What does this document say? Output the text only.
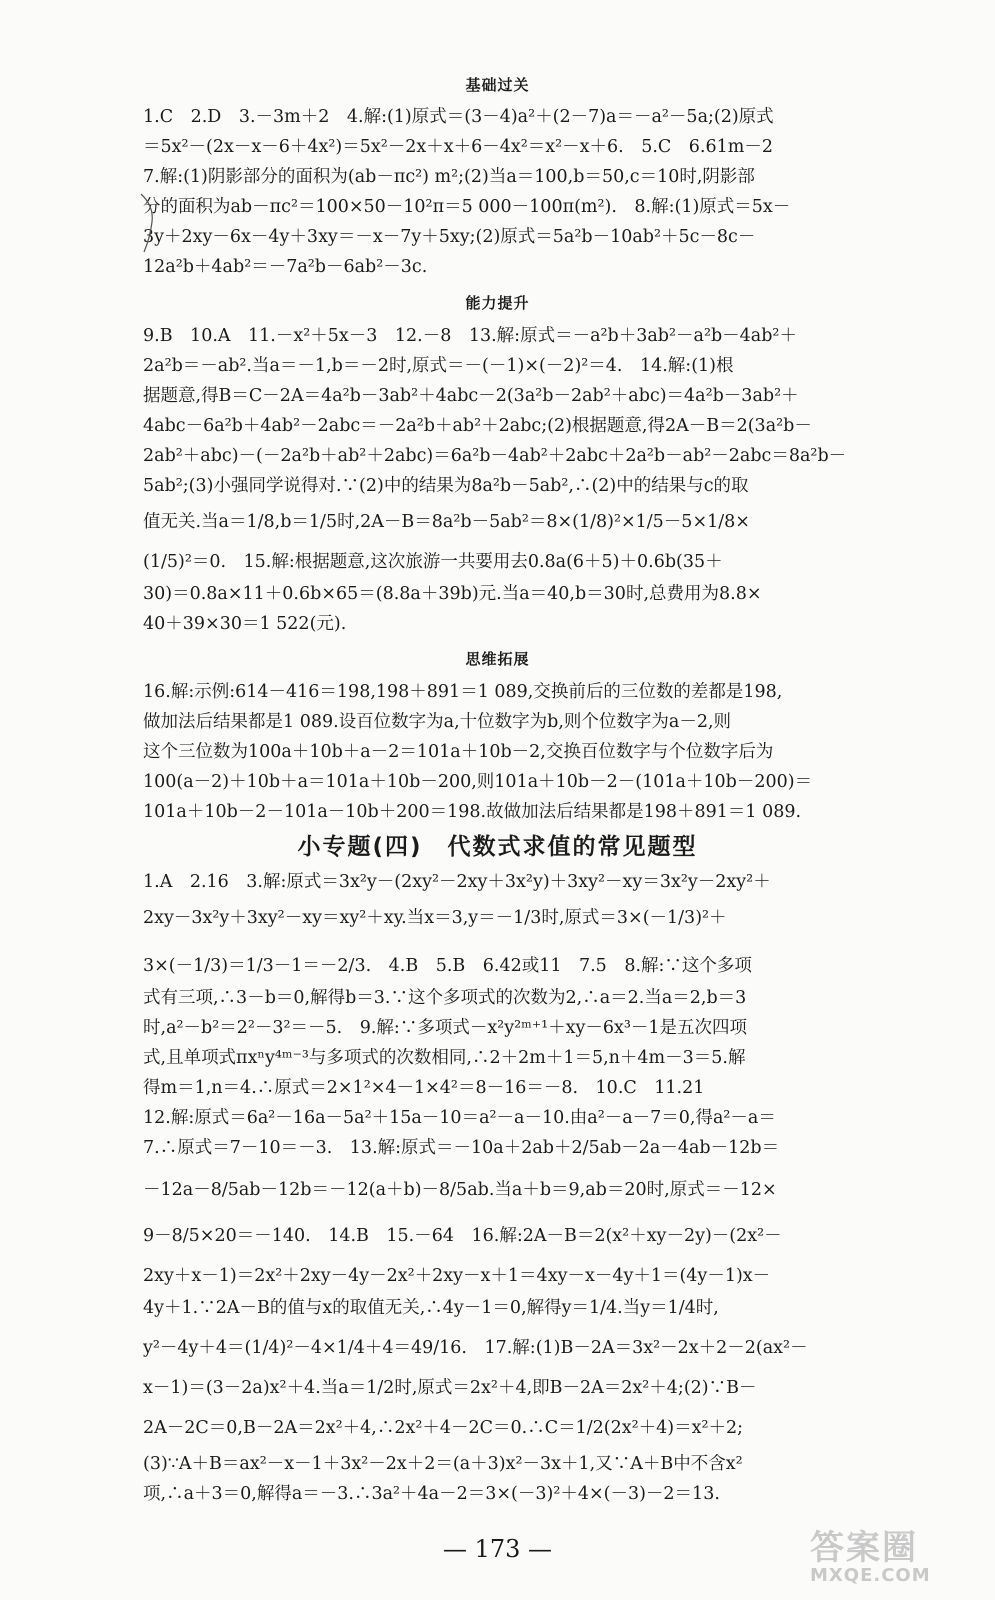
基础过关
1.C　2.D　3.－3m＋2　4.解:(1)原式＝(3－4)a²＋(2－7)a＝－a²－5a;(2)原式
＝5x²－(2x－x－6＋4x²)＝5x²－2x＋x＋6－4x²＝x²－x＋6.　5.C　6.61m－2
7.解:(1)阴影部分的面积为(ab－πc²) m²;(2)当a＝100,b＝50,c＝10时,阴影部
分的面积为ab－πc²＝100×50－10²π＝5 000－100π(m²).　8.解:(1)原式＝5x－
3y＋2xy－6x－4y＋3xy＝－x－7y＋5xy;(2)原式＝5a²b－10ab²＋5c－8c－
12a²b＋4ab²＝－7a²b－6ab²－3c.
能力提升
9.B　10.A　11.－x²＋5x－3　12.－8　13.解:原式＝－a²b＋3ab²－a²b－4ab²＋
2a²b＝－ab².当a＝－1,b＝－2时,原式＝－(－1)×(－2)²＝4.　14.解:(1)根
据题意,得B＝C－2A＝4a²b－3ab²＋4abc－2(3a²b－2ab²＋abc)＝4a²b－3ab²＋
4abc－6a²b＋4ab²－2abc＝－2a²b＋ab²＋2abc;(2)根据题意,得2A－B＝2(3a²b－
2ab²＋abc)－(－2a²b＋ab²＋2abc)＝6a²b－4ab²＋2abc＋2a²b－ab²－2abc＝8a²b－
5ab²;(3)小强同学说得对.∵(2)中的结果为8a²b－5ab²,∴(2)中的结果与c的取
值无关.当a＝1/8,b＝1/5时,2A－B＝8a²b－5ab²＝8×(1/8)²×1/5－5×1/8×
(1/5)²＝0.　15.解:根据题意,这次旅游一共要用去0.8a(6＋5)＋0.6b(35＋
30)＝0.8a×11＋0.6b×65＝(8.8a＋39b)元.当a＝40,b＝30时,总费用为8.8×
40＋39×30＝1 522(元).
思维拓展
16.解:示例:614－416＝198,198＋891＝1 089,交换前后的三位数的差都是198,
做加法后结果都是1 089.设百位数字为a,十位数字为b,则个位数字为a－2,则
这个三位数为100a＋10b＋a－2＝101a＋10b－2,交换百位数字与个位数字后为
100(a－2)＋10b＋a＝101a＋10b－200,则101a＋10b－2－(101a＋10b－200)＝
101a＋10b－2－101a－10b＋200＝198.故做加法后结果都是198＋891＝1 089.
小专题(四)　代数式求值的常见题型
1.A　2.16　3.解:原式＝3x²y－(2xy²－2xy＋3x²y)＋3xy²－xy＝3x²y－2xy²＋
2xy－3x²y＋3xy²－xy＝xy²＋xy.当x＝3,y＝－1/3时,原式＝3×(－1/3)²＋
3×(－1/3)＝1/3－1＝－2/3.　4.B　5.B　6.42或11　7.5　8.解:∵这个多项
式有三项,∴3－b＝0,解得b＝3.∵这个多项式的次数为2,∴a＝2.当a＝2,b＝3
时,a²－b²＝2²－3²＝－5.　9.解:∵多项式－x²y²ᵐ⁺¹＋xy－6x³－1是五次四项
式,且单项式πxⁿy⁴ᵐ⁻³与多项式的次数相同,∴2＋2m＋1＝5,n＋4m－3＝5.解
得m＝1,n＝4.∴原式＝2×1²×4－1×4²＝8－16＝－8.　10.C　11.21
12.解:原式＝6a²－16a－5a²＋15a－10＝a²－a－10.由a²－a－7＝0,得a²－a＝
7.∴原式＝7－10＝－3.　13.解:原式＝－10a＋2ab＋2/5ab－2a－4ab－12b＝
－12a－8/5ab－12b＝－12(a＋b)－8/5ab.当a＋b＝9,ab＝20时,原式＝－12×
9－8/5×20＝－140.　14.B　15.－64　16.解:2A－B＝2(x²＋xy－2y)－(2x²－
2xy＋x－1)＝2x²＋2xy－4y－2x²＋2xy－x＋1＝4xy－x－4y＋1＝(4y－1)x－
4y＋1.∵2A－B的值与x的取值无关,∴4y－1＝0,解得y＝1/4.当y＝1/4时,
y²－4y＋4＝(1/4)²－4×1/4＋4＝49/16.　17.解:(1)B－2A＝3x²－2x＋2－2(ax²－
x－1)＝(3－2a)x²＋4.当a＝1/2时,原式＝2x²＋4,即B－2A＝2x²＋4;(2)∵B－
2A－2C＝0,B－2A＝2x²＋4,∴2x²＋4－2C＝0.∴C＝1/2(2x²＋4)＝x²＋2;
(3)∵A＋B＝ax²－x－1＋3x²－2x＋2＝(a＋3)x²－3x＋1,又∵A＋B中不含x²
项,∴a＋3＝0,解得a＝－3.∴3a²＋4a－2＝3×(－3)²＋4×(－3)－2＝13.
— 173 —	答案圈
MXQE.COM
